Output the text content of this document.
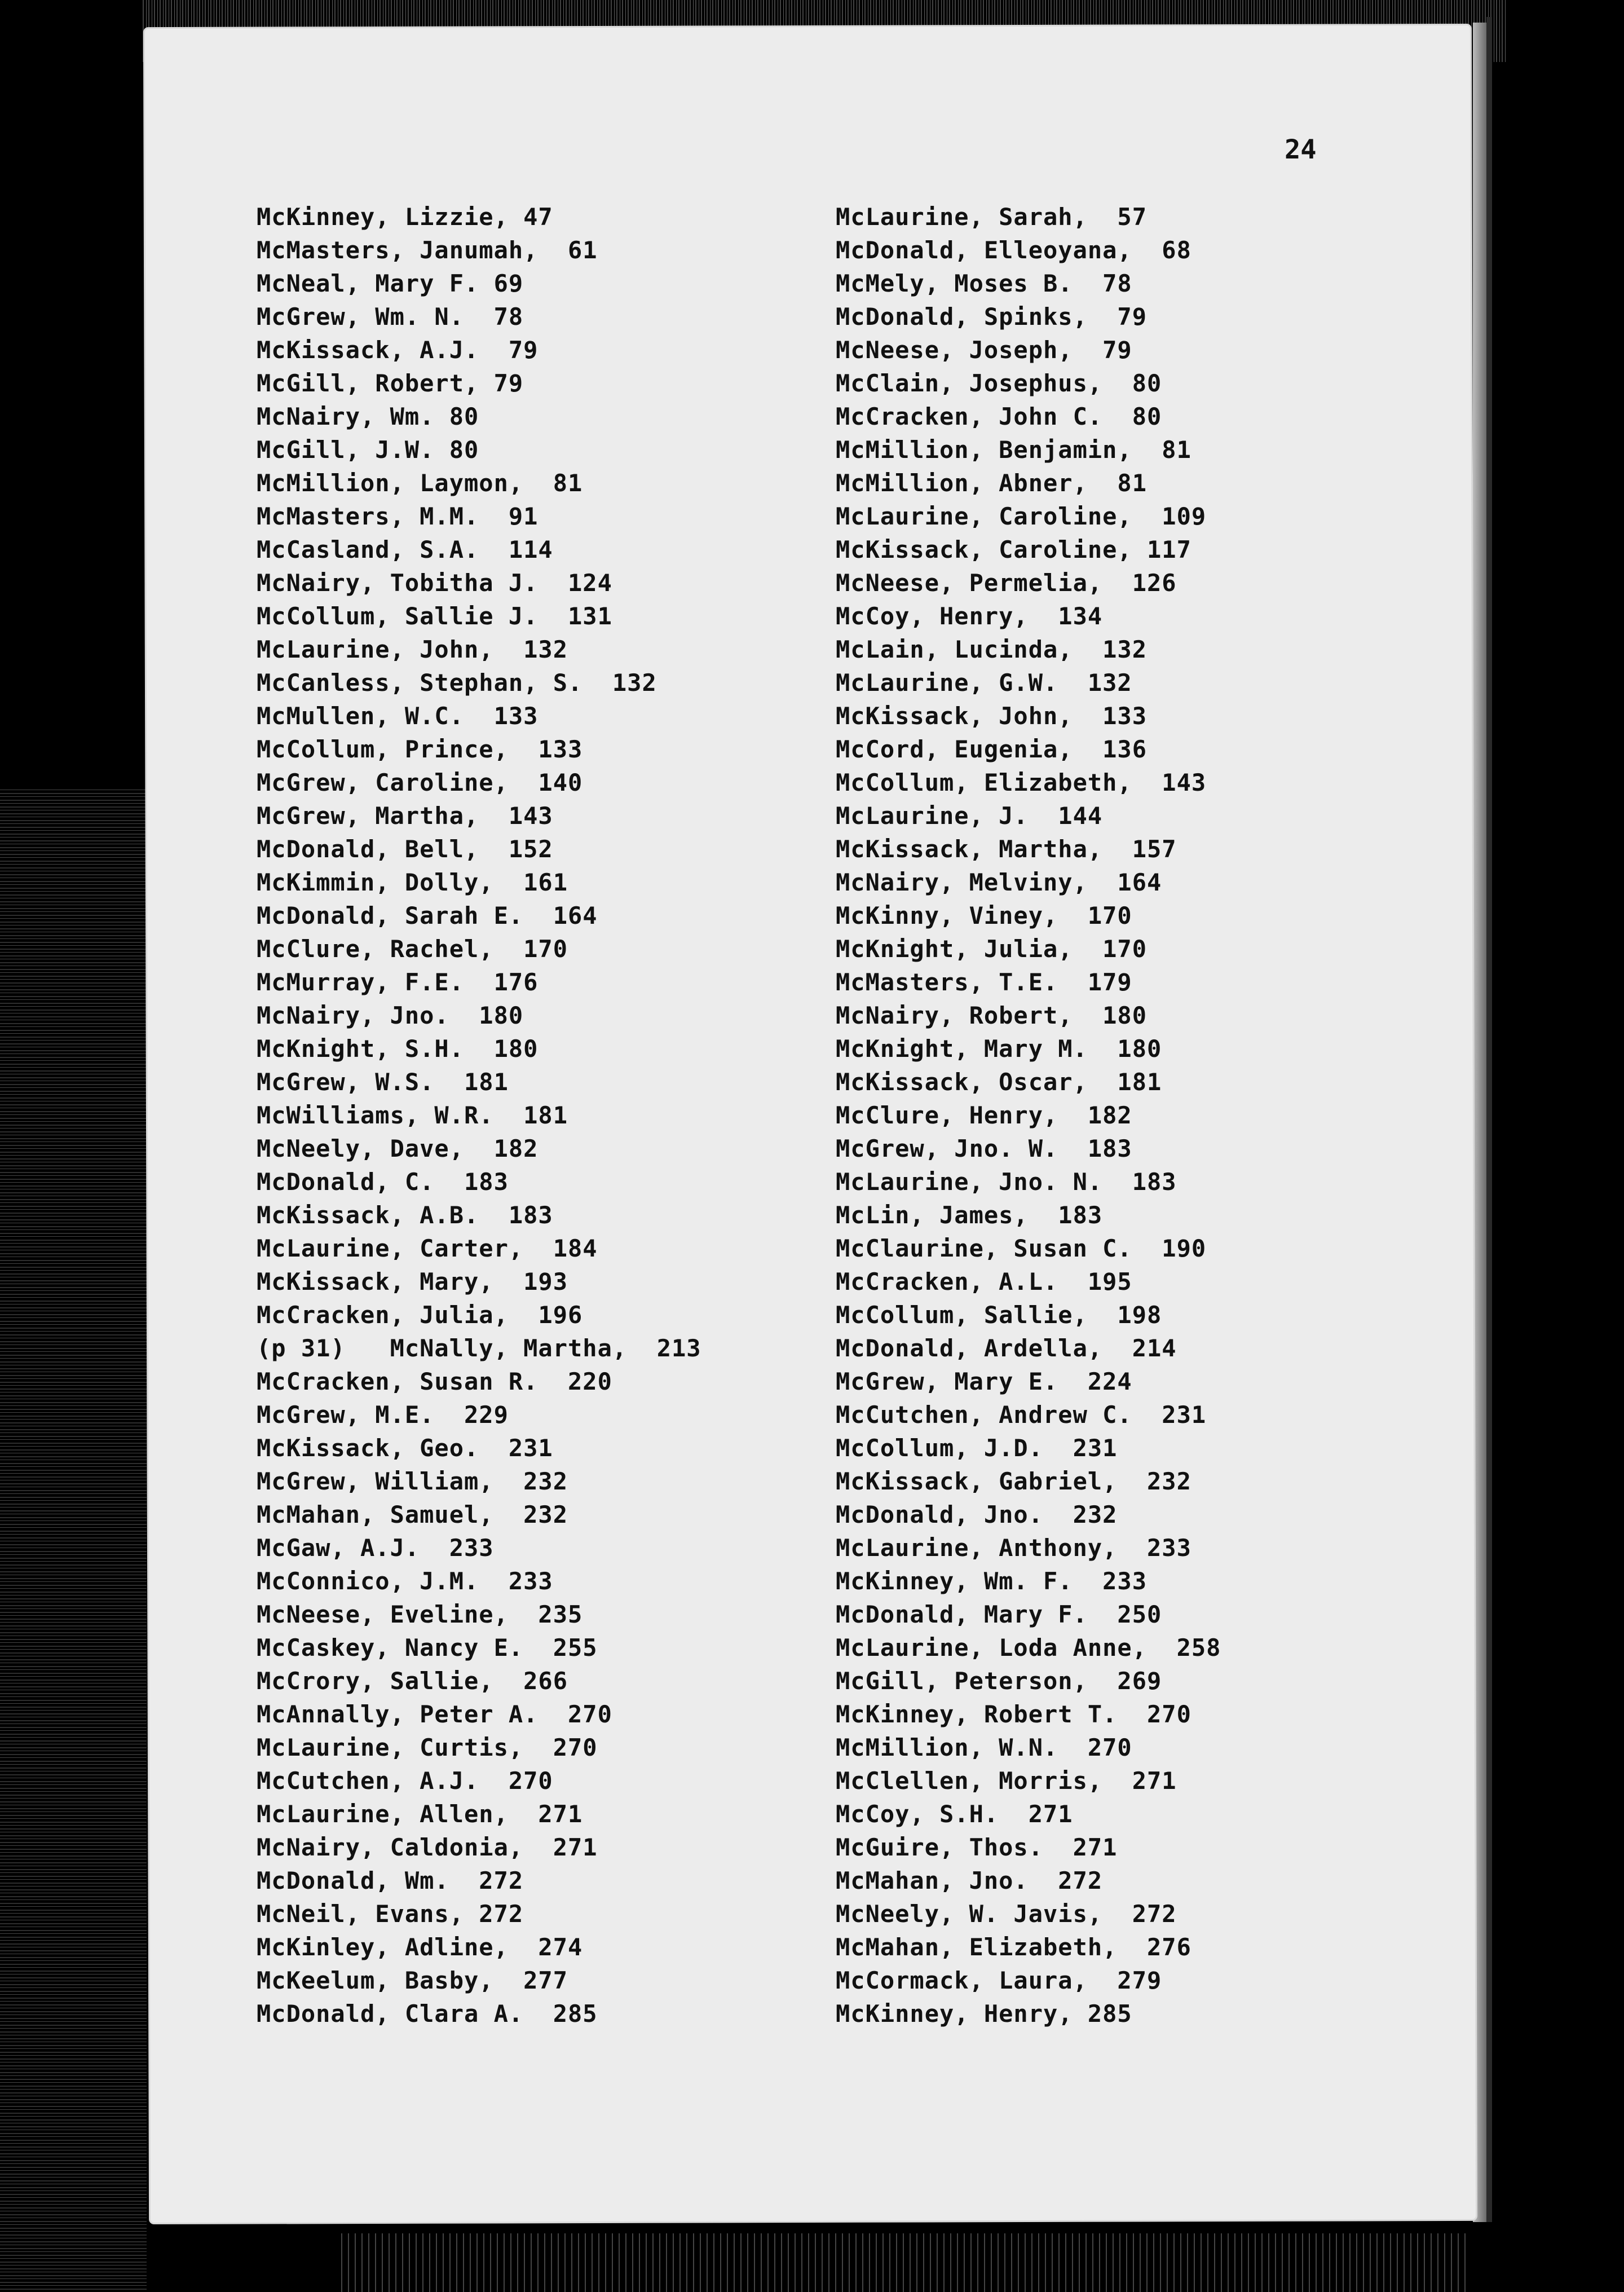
24
McKinney, Lizzie, 47
McMasters, Janumah,  61
McNeal, Mary F. 69
McGrew, Wm. N.  78
McKissack, A.J.  79
McGill, Robert, 79
McNairy, Wm. 80
McGill, J.W. 80
McMillion, Laymon,  81
McMasters, M.M.  91
McCasland, S.A.  114
McNairy, Tobitha J.  124
McCollum, Sallie J.  131
McLaurine, John,  132
McCanless, Stephan, S.  132
McMullen, W.C.  133
McCollum, Prince,  133
McGrew, Caroline,  140
McGrew, Martha,  143
McDonald, Bell,  152
McKimmin, Dolly,  161
McDonald, Sarah E.  164
McClure, Rachel,  170
McMurray, F.E.  176
McNairy, Jno.  180
McKnight, S.H.  180
McGrew, W.S.  181
McWilliams, W.R.  181
McNeely, Dave,  182
McDonald, C.  183
McKissack, A.B.  183
McLaurine, Carter,  184
McKissack, Mary,  193
McCracken, Julia,  196
(p 31)   McNally, Martha,  213
McCracken, Susan R.  220
McGrew, M.E.  229
McKissack, Geo.  231
McGrew, William,  232
McMahan, Samuel,  232
McGaw, A.J.  233
McConnico, J.M.  233
McNeese, Eveline,  235
McCaskey, Nancy E.  255
McCrory, Sallie,  266
McAnnally, Peter A.  270
McLaurine, Curtis,  270
McCutchen, A.J.  270
McLaurine, Allen,  271
McNairy, Caldonia,  271
McDonald, Wm.  272
McNeil, Evans, 272
McKinley, Adline,  274
McKeelum, Basby,  277
McDonald, Clara A.  285
McLaurine, Sarah,  57
McDonald, Elleoyana,  68
McMely, Moses B.  78
McDonald, Spinks,  79
McNeese, Joseph,  79
McClain, Josephus,  80
McCracken, John C.  80
McMillion, Benjamin,  81
McMillion, Abner,  81
McLaurine, Caroline,  109
McKissack, Caroline, 117
McNeese, Permelia,  126
McCoy, Henry,  134
McLain, Lucinda,  132
McLaurine, G.W.  132
McKissack, John,  133
McCord, Eugenia,  136
McCollum, Elizabeth,  143
McLaurine, J.  144
McKissack, Martha,  157
McNairy, Melviny,  164
McKinny, Viney,  170
McKnight, Julia,  170
McMasters, T.E.  179
McNairy, Robert,  180
McKnight, Mary M.  180
McKissack, Oscar,  181
McClure, Henry,  182
McGrew, Jno. W.  183
McLaurine, Jno. N.  183
McLin, James,  183
McClaurine, Susan C.  190
McCracken, A.L.  195
McCollum, Sallie,  198
McDonald, Ardella,  214
McGrew, Mary E.  224
McCutchen, Andrew C.  231
McCollum, J.D.  231
McKissack, Gabriel,  232
McDonald, Jno.  232
McLaurine, Anthony,  233
McKinney, Wm. F.  233
McDonald, Mary F.  250
McLaurine, Loda Anne,  258
McGill, Peterson,  269
McKinney, Robert T.  270
McMillion, W.N.  270
McClellen, Morris,  271
McCoy, S.H.  271
McGuire, Thos.  271
McMahan, Jno.  272
McNeely, W. Javis,  272
McMahan, Elizabeth,  276
McCormack, Laura,  279
McKinney, Henry, 285
